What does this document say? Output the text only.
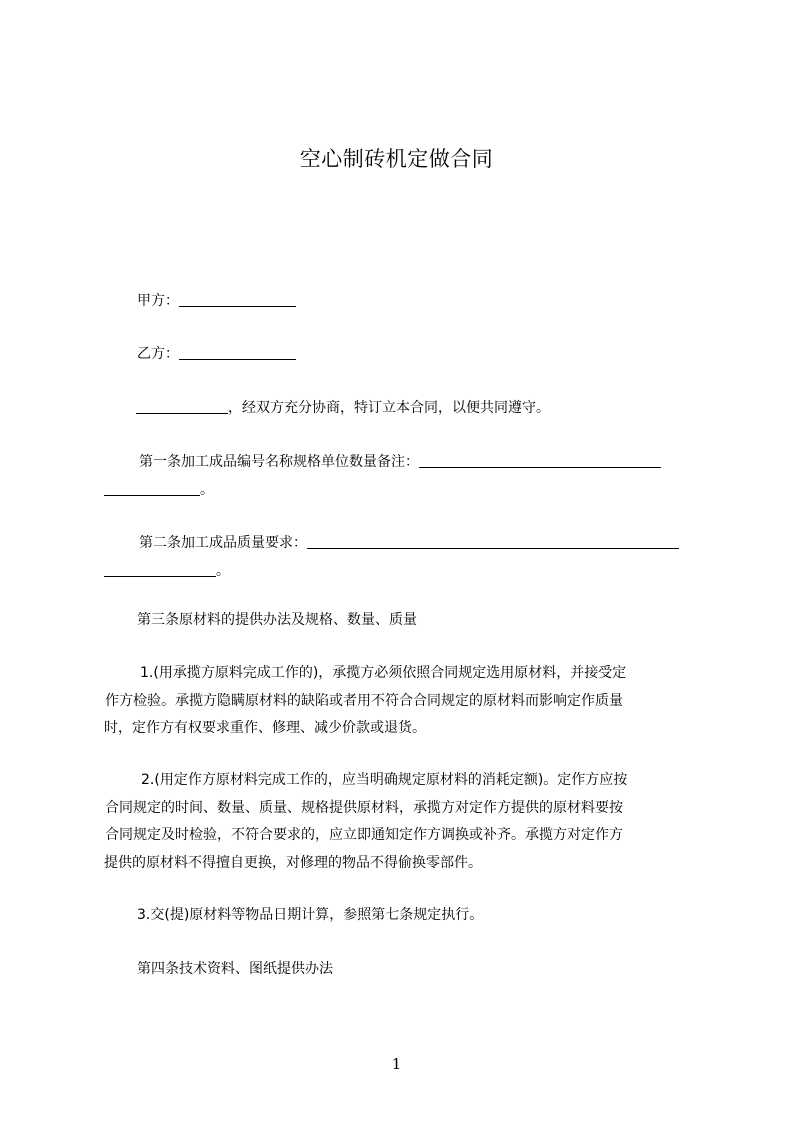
空心制砖机定做合同
甲方：
乙方：
，经双方充分协商，特订立本合同，以便共同遵守。
第一条加工成品编号名称规格单位数量备注：
。
第二条加工成品质量要求：
。
第三条原材料的提供办法及规格、数量、质量
1.(用承揽方原料完成工作的)，承揽方必须依照合同规定选用原材料，并接受定
作方检验。承揽方隐瞒原材料的缺陷或者用不符合合同规定的原材料而影响定作质量
时，定作方有权要求重作、修理、减少价款或退货。
2.(用定作方原材料完成工作的，应当明确规定原材料的消耗定额)。定作方应按
合同规定的时间、数量、质量、规格提供原材料，承揽方对定作方提供的原材料要按
合同规定及时检验，不符合要求的，应立即通知定作方调换或补齐。承揽方对定作方
提供的原材料不得擅自更换，对修理的物品不得偷换零部件。
3.交(提)原材料等物品日期计算，参照第七条规定执行。
第四条技术资料、图纸提供办法
1
